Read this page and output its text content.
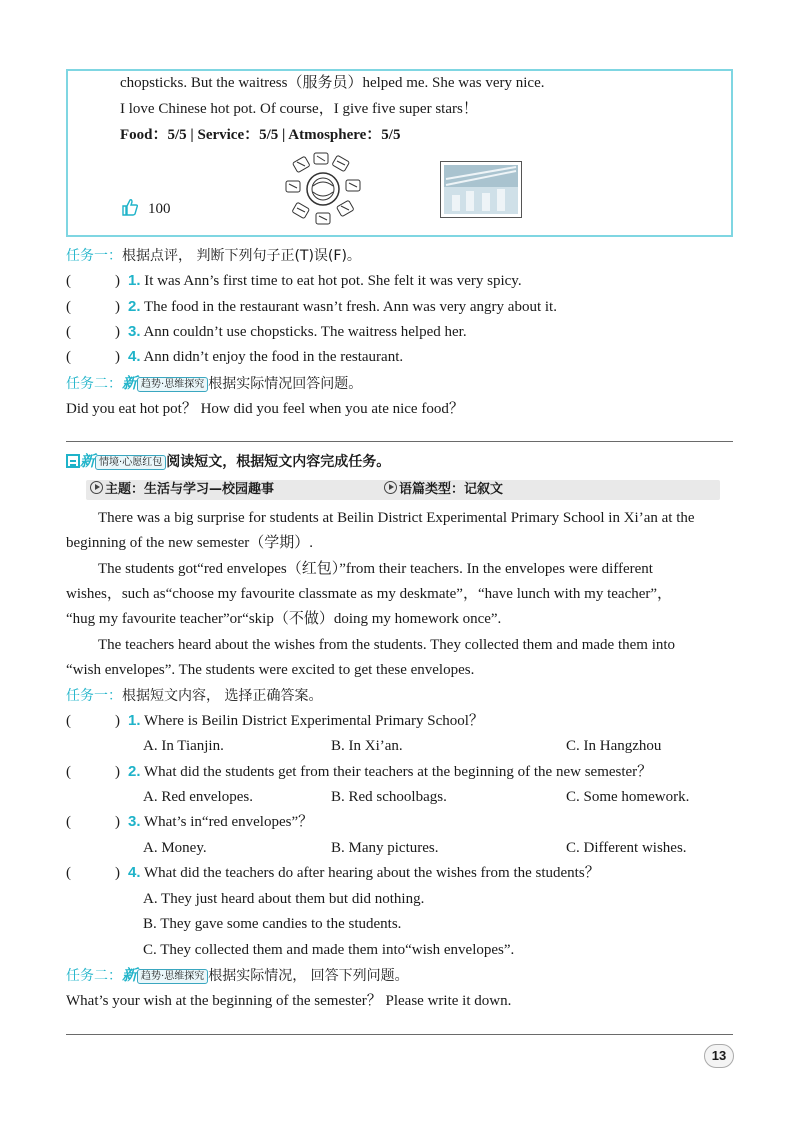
chopsticks. But the waitress（服务员）helped me. She was very nice.
I love Chinese hot pot. Of course，I give five super stars！
Food：5/5 | Service：5/5 | Atmosphere：5/5
100
任务一：根据点评， 判断下列句子正(T)误(F)。
(	) 1. It was Ann’s first time to eat hot pot. She felt it was very spicy.
(	) 2. The food in the restaurant wasn’t fresh. Ann was very angry about it.
(	) 3. Ann couldn’t use chopsticks. The waitress helped her.
(	) 4. Ann didn’t enjoy the food in the restaurant.
任务二：新 趋势·思维探究 根据实际情况回答问题。
Did you eat hot pot？ How did you feel when you ate nice food？
新 情境·心愿红包 阅读短文，根据短文内容完成任务。
主题：生活与学习—校园趣事	语篇类型：记叙文
There was a big surprise for students at Beilin District Experimental Primary School in Xi’an at the
beginning of the new semester（学期）.
The students got“red envelopes（红包）”from their teachers. In the envelopes were different
wishes，such as“choose my favourite classmate as my deskmate”，“have lunch with my teacher”，
“hug my favourite teacher”or“skip（不做）doing my homework once”.
The teachers heard about the wishes from the students. They collected them and made them into
“wish envelopes”. The students were excited to get these envelopes.
任务一：根据短文内容， 选择正确答案。
(	) 1. Where is Beilin District Experimental Primary School？
A. In Tianjin.	B. In Xi’an.	C. In Hangzhou
(	) 2. What did the students get from their teachers at the beginning of the new semester？
A. Red envelopes.	B. Red schoolbags.	C. Some homework.
(	) 3. What’s in“red envelopes”？
A. Money.	B. Many pictures.	C. Different wishes.
(	) 4. What did the teachers do after hearing about the wishes from the students？
A. They just heard about them but did nothing.
B. They gave some candies to the students.
C. They collected them and made them into“wish envelopes”.
任务二：新 趋势·思维探究 根据实际情况， 回答下列问题。
What’s your wish at the beginning of the semester？ Please write it down.
13
